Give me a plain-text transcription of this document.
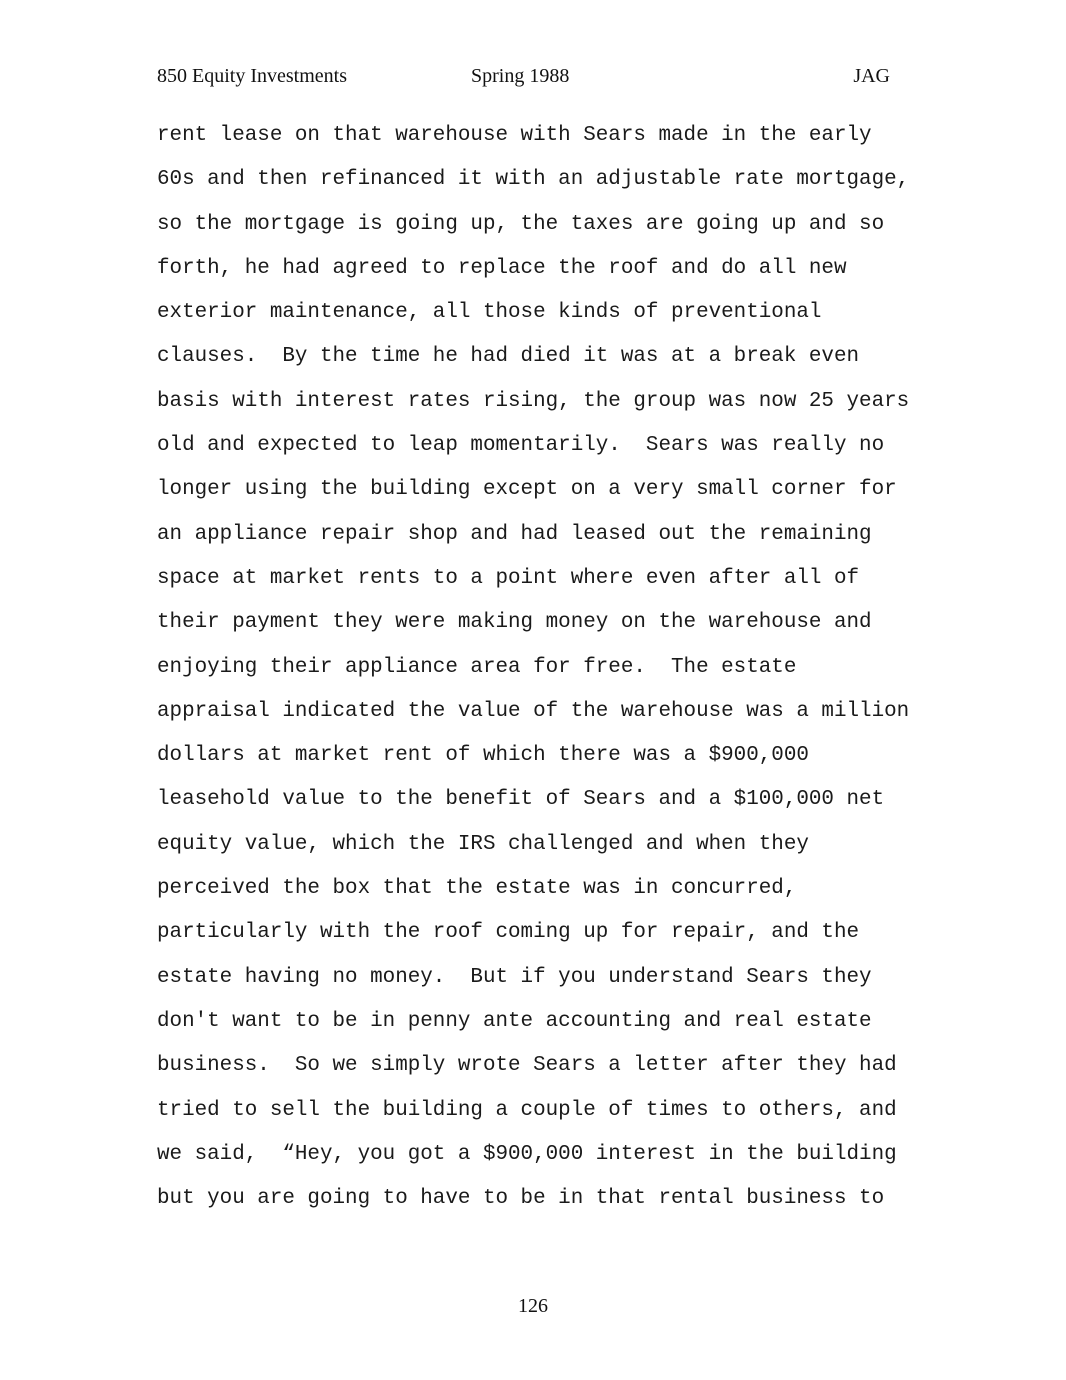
850 Equity Investments	Spring 1988	JAG
rent lease on that warehouse with Sears made in the early
60s and then refinanced it with an adjustable rate mortgage,
so the mortgage is going up, the taxes are going up and so
forth, he had agreed to replace the roof and do all new
exterior maintenance, all those kinds of preventional
clauses.  By the time he had died it was at a break even
basis with interest rates rising, the group was now 25 years
old and expected to leap momentarily.  Sears was really no
longer using the building except on a very small corner for
an appliance repair shop and had leased out the remaining
space at market rents to a point where even after all of
their payment they were making money on the warehouse and
enjoying their appliance area for free.  The estate
appraisal indicated the value of the warehouse was a million
dollars at market rent of which there was a $900,000
leasehold value to the benefit of Sears and a $100,000 net
equity value, which the IRS challenged and when they
perceived the box that the estate was in concurred,
particularly with the roof coming up for repair, and the
estate having no money.  But if you understand Sears they
don't want to be in penny ante accounting and real estate
business.  So we simply wrote Sears a letter after they had
tried to sell the building a couple of times to others, and
we said,  “Hey, you got a $900,000 interest in the building
but you are going to have to be in that rental business to
126
